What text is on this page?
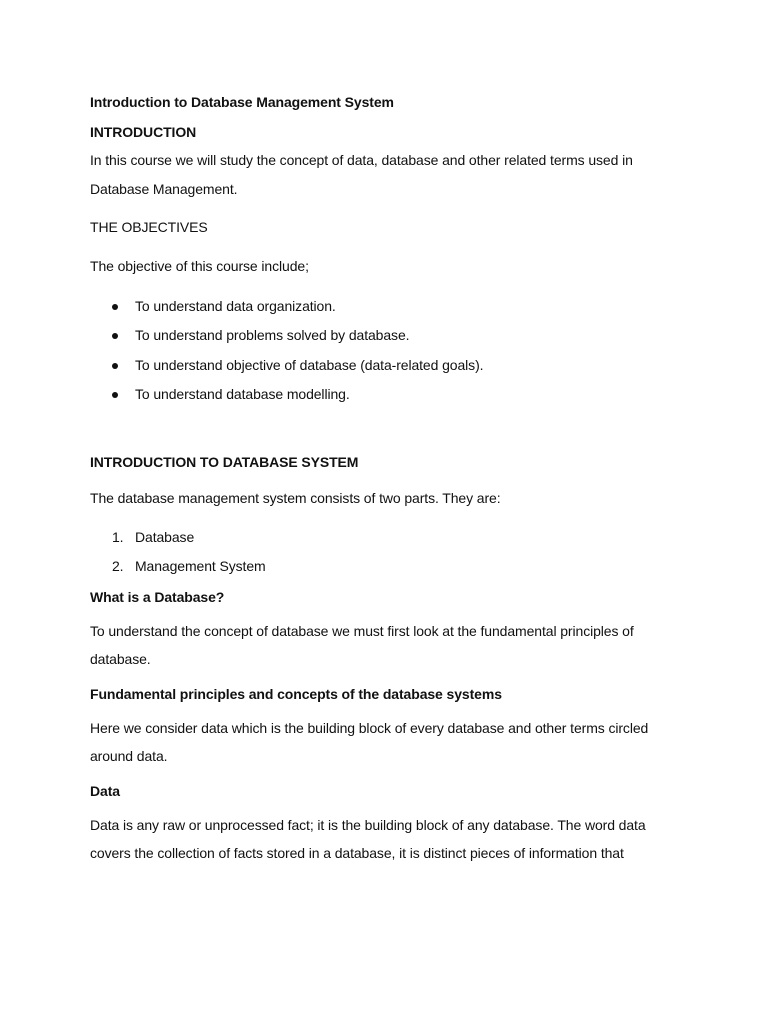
Introduction to Database Management System

INTRODUCTION

In this course we will study the concept of data, database and other related terms used in Database Management.

THE OBJECTIVES

The objective of this course include;

To understand data organization.
To understand problems solved by database.
To understand objective of database (data-related goals).
To understand database modelling.

INTRODUCTION TO DATABASE SYSTEM

The database management system consists of two parts. They are:

1. Database
2. Management System

What is a Database?

To understand the concept of database we must first look at the fundamental principles of database.

Fundamental principles and concepts of the database systems

Here we consider data which is the building block of every database and other terms circled around data.

Data

Data is any raw or unprocessed fact; it is the building block of any database. The word data covers the collection of facts stored in a database, it is distinct pieces of information that
